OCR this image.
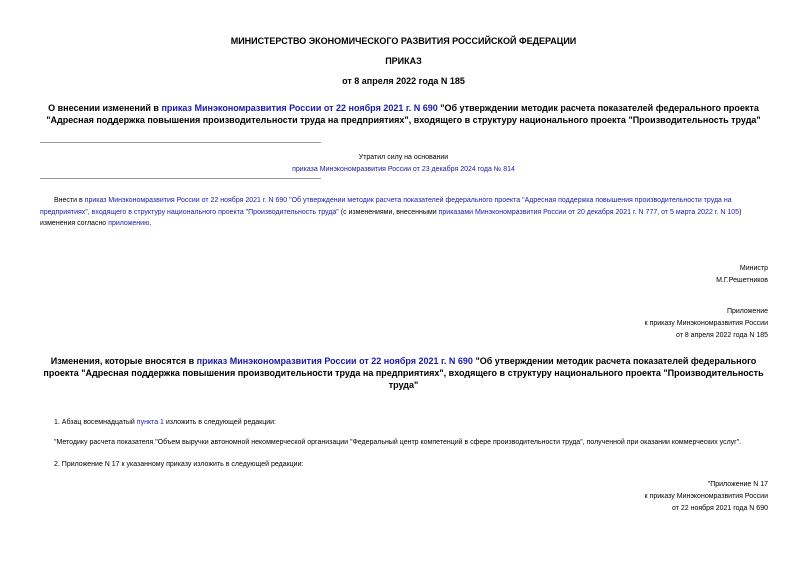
МИНИСТЕРСТВО ЭКОНОМИЧЕСКОГО РАЗВИТИЯ РОССИЙСКОЙ ФЕДЕРАЦИИ
ПРИКАЗ
от 8 апреля 2022 года N 185
О внесении изменений в приказ Минэкономразвития России от 22 ноября 2021 г. N 690 "Об утверждении методик расчета показателей федерального проекта "Адресная поддержка повышения производительности труда на предприятиях", входящего в структуру национального проекта "Производительность труда"
Утратил силу на основании
приказа Минэкономразвития России от 23 декабря 2024 года № 814
Внести в приказ Минэкономразвития России от 22 ноября 2021 г. N 690 "Об утверждении методик расчета показателей федерального проекта "Адресная поддержка повышения производительности труда на предприятиях", входящего в структуру национального проекта "Производительность труда" (с изменениями, внесенными приказами Минэкономразвития России от 20 декабря 2021 г. N 777, от 5 марта 2022 г. N 105) изменения согласно приложению.
Министр
М.Г.Решетников
Приложение
к приказу Минэкономразвития России
от 8 апреля 2022 года N 185
Изменения, которые вносятся в приказ Минэкономразвития России от 22 ноября 2021 г. N 690 "Об утверждении методик расчета показателей федерального проекта "Адресная поддержка повышения производительности труда на предприятиях", входящего в структуру национального проекта "Производительность труда"
1. Абзац восемнадцатый пункта 1 изложить в следующей редакции:
"Методику расчета показателя "Объем выручки автономной некоммерческой организации "Федеральный центр компетенций в сфере производительности труда", полученной при оказании коммерческих услуг".
2. Приложение N 17 к указанному приказу изложить в следующей редакции:
"Приложение N 17
к приказу Минэкономразвития России
от 22 ноября 2021 года N 690
